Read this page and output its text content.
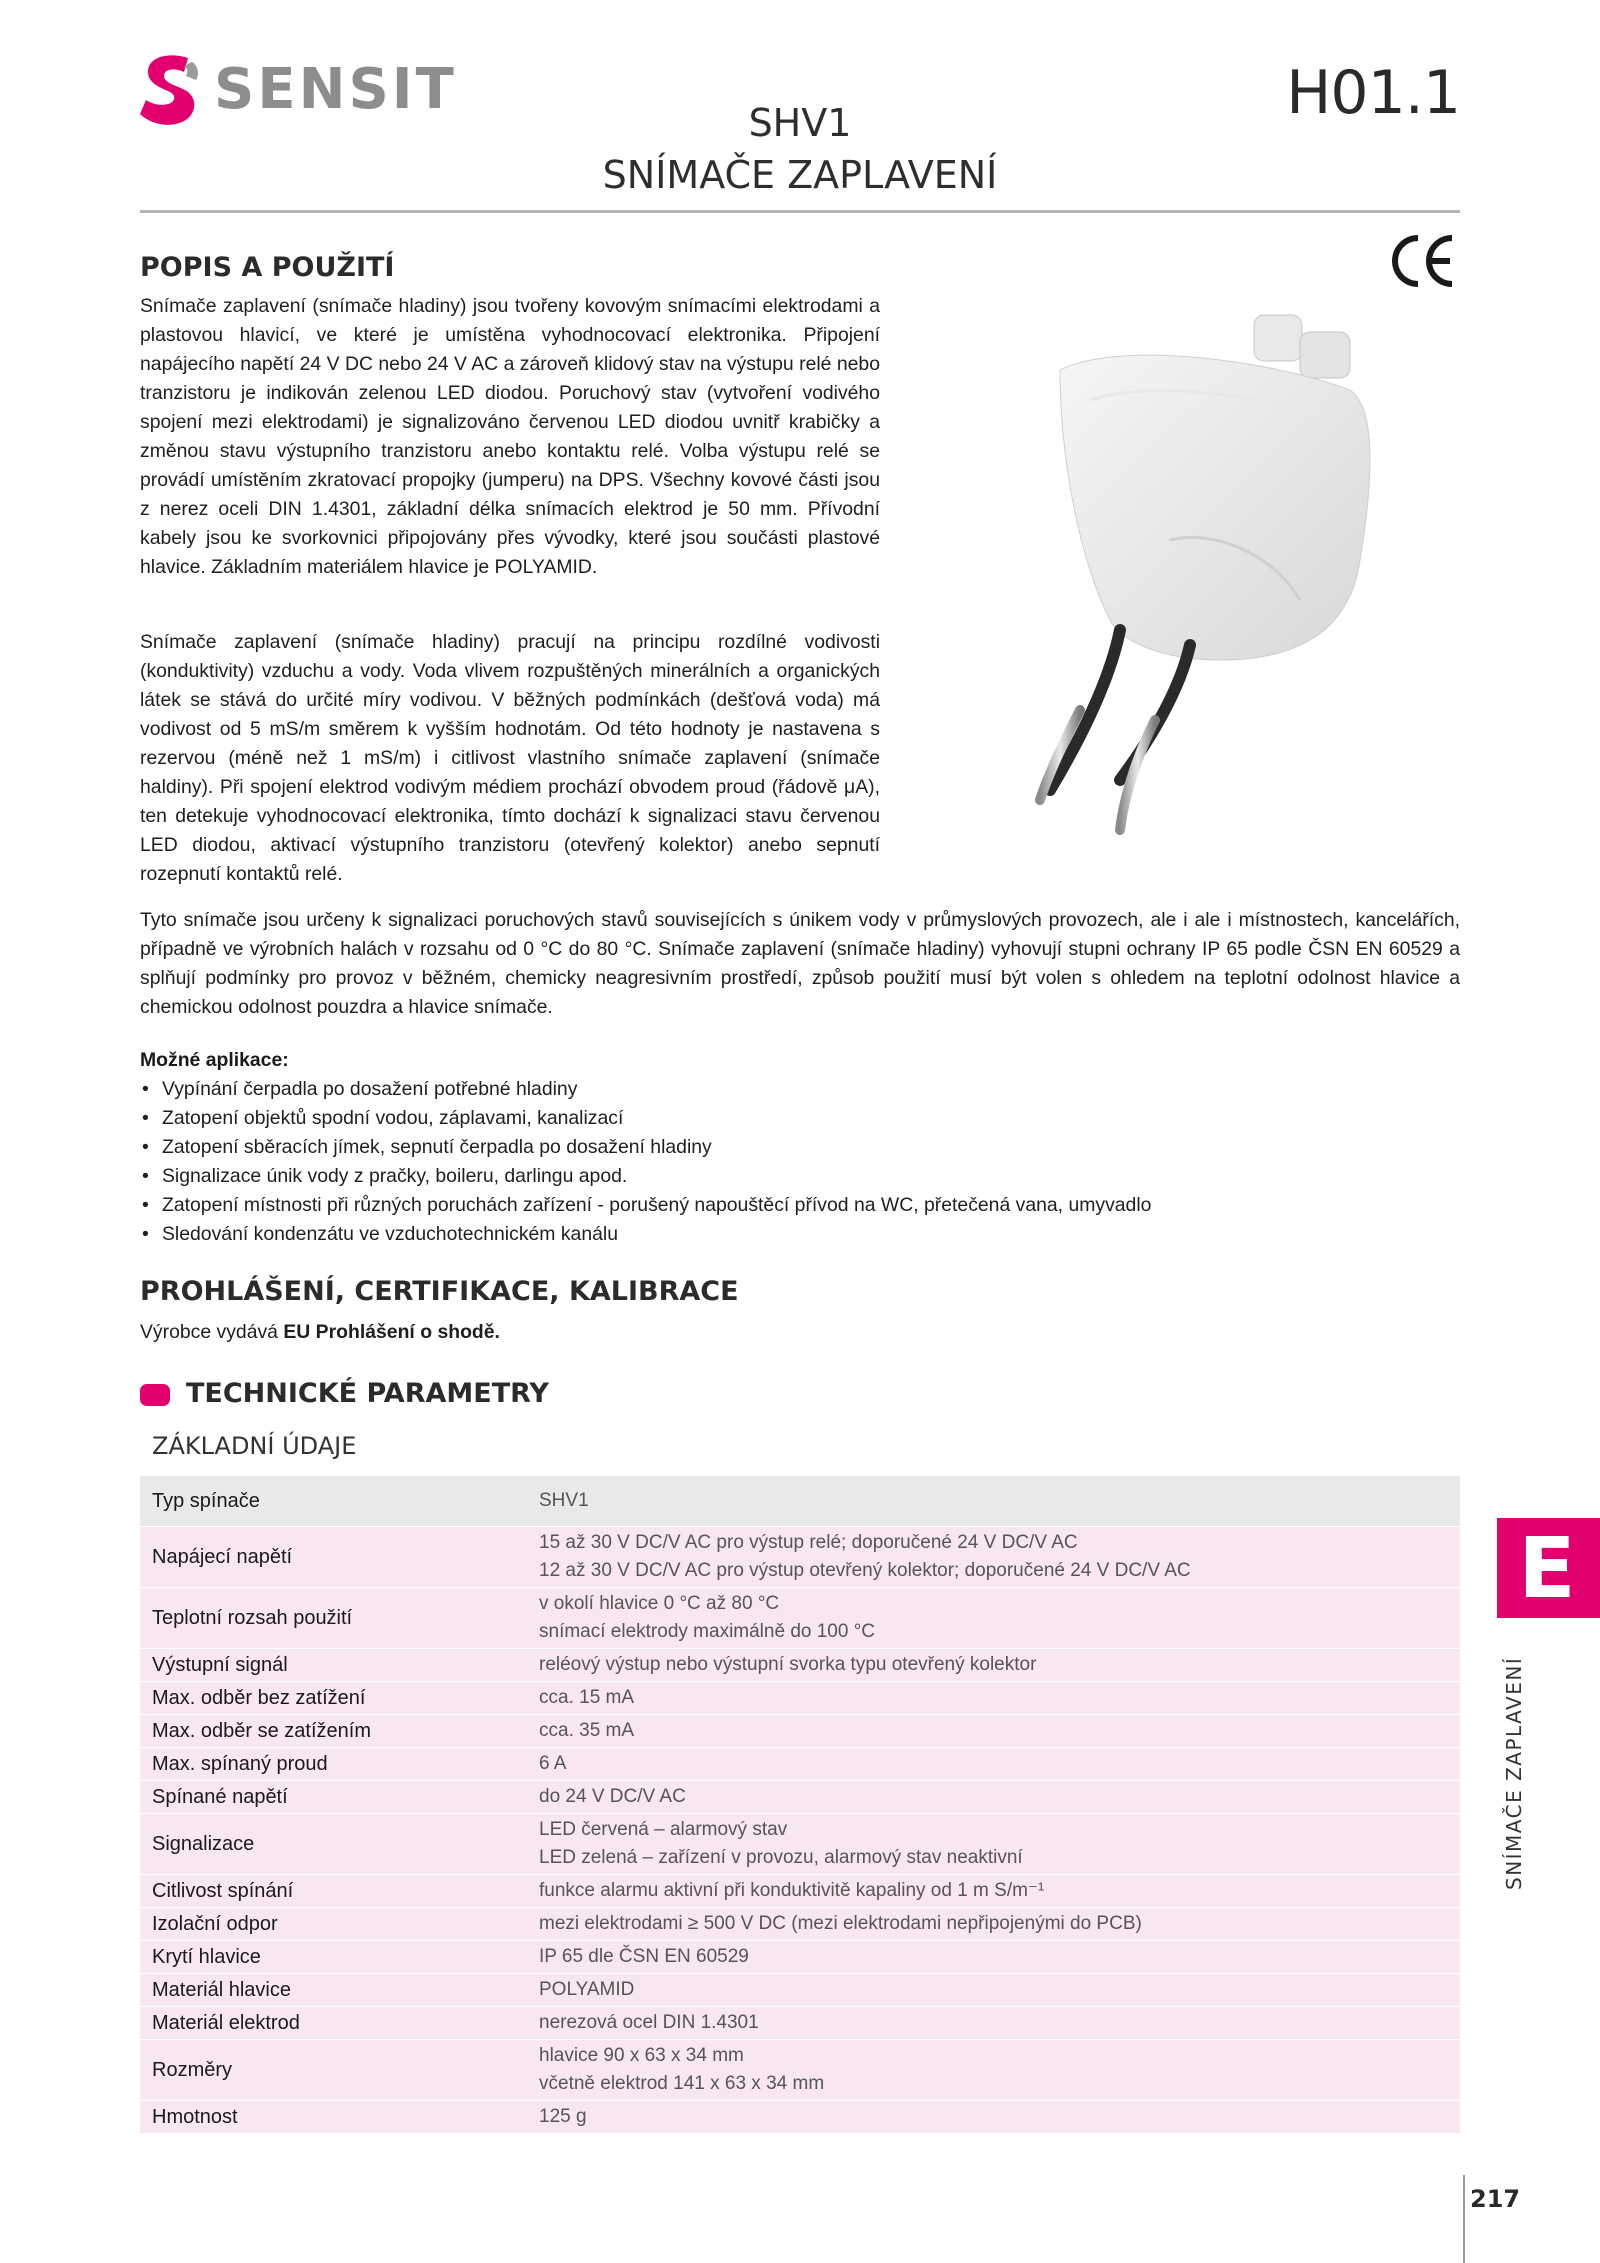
SENSIT	H01.1
SHV1
SNÍMAČE ZAPLAVENÍ
POPIS A POUŽITÍ

Snímače zaplavení (snímače hladiny) jsou tvořeny kovovým snímacími elektrodami a plastovou hlavicí, ve které je umístěna vyhodnocovací elektronika. Připojení napájecího napětí 24 V DC nebo 24 V AC a zároveň klidový stav na výstupu relé nebo tranzistoru je indikován zelenou LED diodou. Poruchový stav (vytvoření vodivého spojení mezi elektrodami) je signalizováno červenou LED diodou uvnitř krabičky a změnou stavu výstupního tranzistoru anebo kontaktu relé. Volba výstupu relé se provádí umístěním zkratovací propojky (jumperu) na DPS. Všechny kovové části jsou z nerez oceli DIN 1.4301, základní délka snímacích elektrod je 50 mm. Přívodní kabely jsou ke svorkovnici připojovány přes vývodky, které jsou součásti plastové hlavice. Základním materiálem hlavice je POLYAMID.

Snímače zaplavení (snímače hladiny) pracují na principu rozdílné vodivosti (konduktivity) vzduchu a vody. Voda vlivem rozpuštěných minerálních a organických látek se stává do určité míry vodivou. V běžných podmínkách (dešťová voda) má vodivost od 5 mS/m směrem k vyšším hodnotám. Od této hodnoty je nastavena s rezervou (méně než 1 mS/m) i citlivost vlastního snímače zaplavení (snímače haldiny). Při spojení elektrod vodivým médiem prochází obvodem proud (řádově μA), ten detekuje vyhodnocovací elektronika, tímto dochází k signalizaci stavu červenou LED diodou, aktivací výstupního tranzistoru (otevřený kolektor) anebo sepnutí rozepnutí kontaktů relé.

Tyto snímače jsou určeny k signalizaci poruchových stavů souvisejících s únikem vody v průmyslových provozech, ale i ale i místnostech, kancelářích, případně ve výrobních halách v rozsahu od 0 °C do 80 °C. Snímače zaplavení (snímače hladiny) vyhovují stupni ochrany IP 65 podle ČSN EN 60529 a splňují podmínky pro provoz v běžném, chemicky neagresivním prostředí, způsob použití musí být volen s ohledem na teplotní odolnost hlavice a chemickou odolnost pouzdra a hlavice snímače.

Možné aplikace:
• Vypínání čerpadla po dosažení potřebné hladiny
• Zatopení objektů spodní vodou, záplavami, kanalizací
• Zatopení sběracích jímek, sepnutí čerpadla po dosažení hladiny
• Signalizace únik vody z pračky, boileru, darlingu apod.
• Zatopení místnosti při různých poruchách zařízení - porušený napouštěcí přívod na WC, přetečená vana, umyvadlo
• Sledování kondenzátu ve vzduchotechnickém kanálu
PROHLÁŠENÍ, CERTIFIKACE, KALIBRACE
Výrobce vydává EU Prohlášení o shodě.
TECHNICKÉ PARAMETRY
ZÁKLADNÍ ÚDAJE
Typ spínače	SHV1

Napájecí napětí	15 až 30 V DC/V AC pro výstup relé; doporučené 24 V DC/V AC
12 až 30 V DC/V AC pro výstup otevřený kolektor; doporučené 24 V DC/V AC

Teplotní rozsah použití	v okolí hlavice 0 °C až 80 °C
snímací elektrody maximálně do 100 °C

Výstupní signál	reléový výstup nebo výstupní svorka typu otevřený kolektor

Max. odběr bez zatížení	cca. 15 mA

Max. odběr se zatížením	cca. 35 mA

Max. spínaný proud	6 A

Spínané napětí	do 24 V DC/V AC

Signalizace	LED červená – alarmový stav
LED zelená – zařízení v provozu, alarmový stav neaktivní

Citlivost spínání	funkce alarmu aktivní při konduktivitě kapaliny od 1 m S/m⁻¹

Izolační odpor	mezi elektrodami ≥ 500 V DC (mezi elektrodami nepřipojenými do PCB)

Krytí hlavice	IP 65 dle ČSN EN 60529

Materiál hlavice	POLYAMID

Materiál elektrod	nerezová ocel DIN 1.4301

Rozměry	hlavice 90 x 63 x 34 mm
včetně elektrod 141 x 63 x 34 mm

Hmotnost	125 g
E
SNÍMAČE ZAPLAVENÍ
217
